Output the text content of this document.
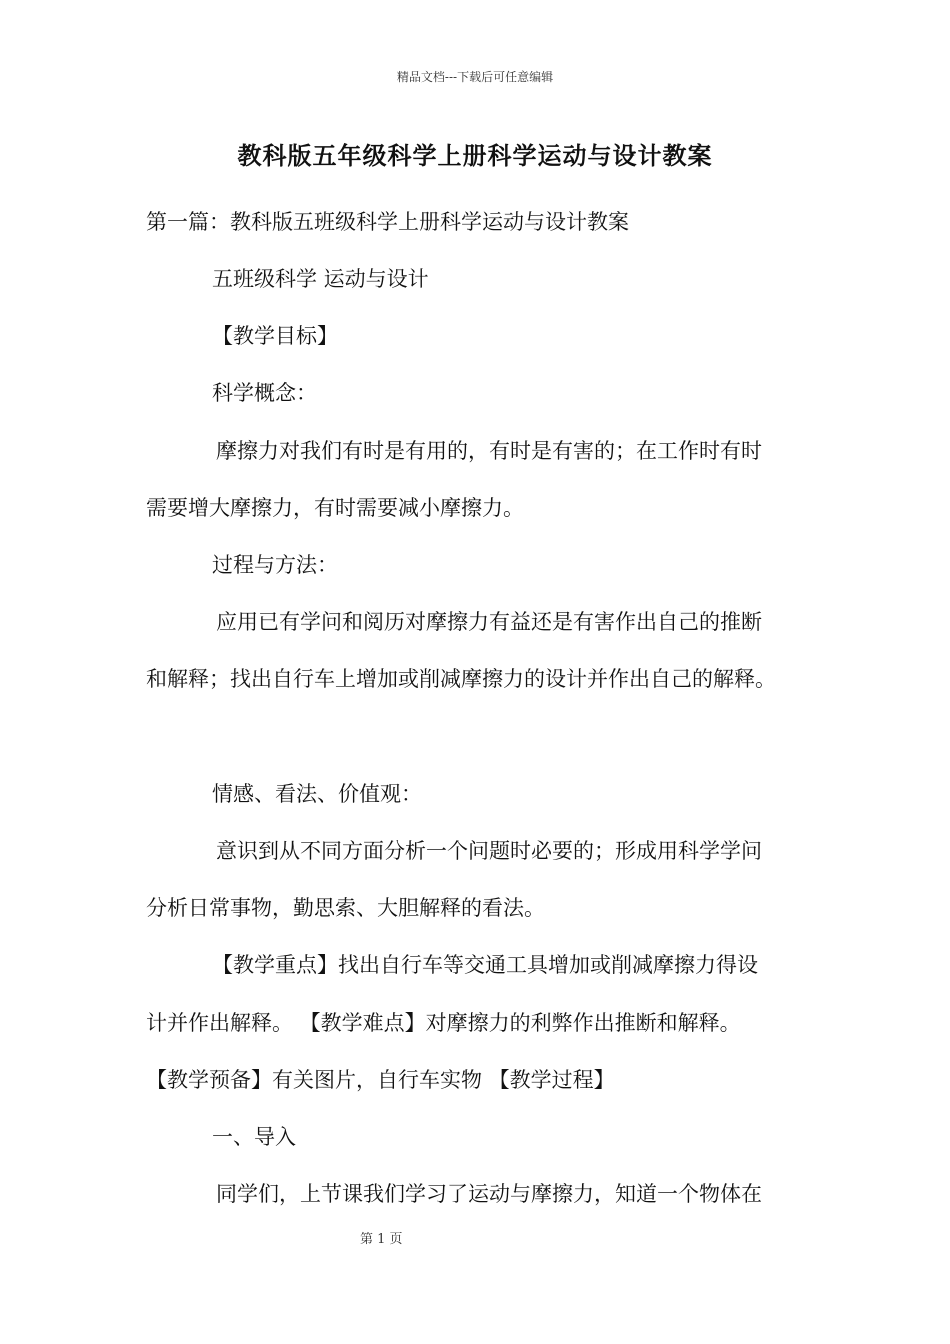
精品文档---下载后可任意编辑
教科版五年级科学上册科学运动与设计教案
第一篇：教科版五班级科学上册科学运动与设计教案
五班级科学 运动与设计
【教学目标】
科学概念：
摩擦力对我们有时是有用的，有时是有害的；在工作时有时
需要增大摩擦力，有时需要减小摩擦力。
过程与方法：
应用已有学问和阅历对摩擦力有益还是有害作出自己的推断
和解释；找出自行车上增加或削减摩擦力的设计并作出自己的解释。
情感、看法、价值观：
意识到从不同方面分析一个问题时必要的；形成用科学学问
分析日常事物，勤思索、大胆解释的看法。
【教学重点】找出自行车等交通工具增加或削减摩擦力得设
计并作出解释。 【教学难点】对摩擦力的利弊作出推断和解释。
【教学预备】有关图片，自行车实物 【教学过程】
一、导入
同学们，上节课我们学习了运动与摩擦力，知道一个物体在
第 1 页
